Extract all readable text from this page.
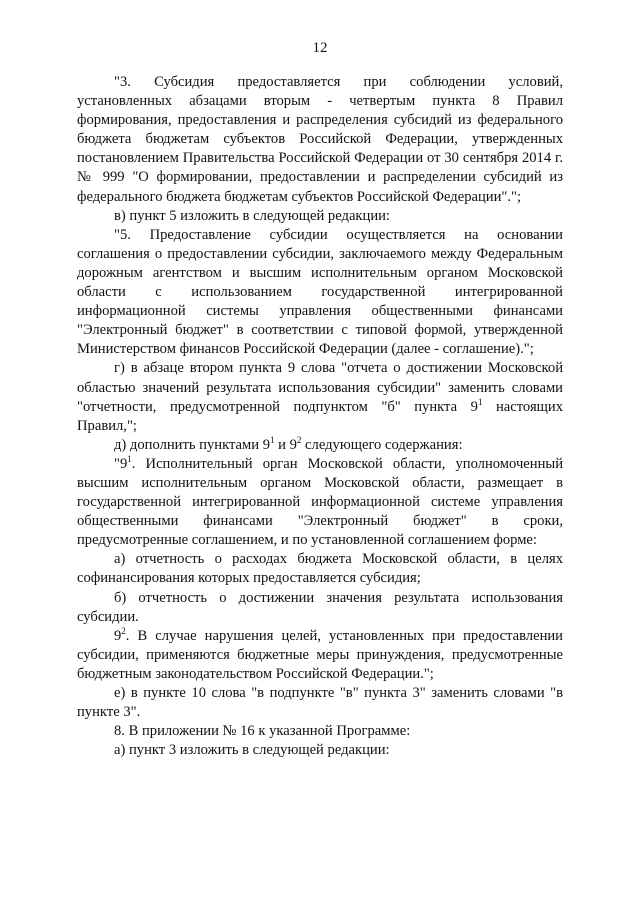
12

"3. Субсидия предоставляется при соблюдении условий, установленных абзацами вторым - четвертым пункта 8 Правил формирования, предоставления и распределения субсидий из федерального бюджета бюджетам субъектов Российской Федерации, утвержденных постановлением Правительства Российской Федерации от 30 сентября 2014 г. № 999 "О формировании, предоставлении и распределении субсидий из федерального бюджета бюджетам субъектов Российской Федерации".";

в) пункт 5 изложить в следующей редакции:

"5. Предоставление субсидии осуществляется на основании соглашения о предоставлении субсидии, заключаемого между Федеральным дорожным агентством и высшим исполнительным органом Московской области с использованием государственной интегрированной информационной системы управления общественными финансами "Электронный бюджет" в соответствии с типовой формой, утвержденной Министерством финансов Российской Федерации (далее - соглашение).";

г) в абзаце втором пункта 9 слова "отчета о достижении Московской областью значений результата использования субсидии" заменить словами "отчетности, предусмотренной подпунктом "б" пункта $9^1$ настоящих Правил,";

д) дополнить пунктами $9^1$ и $9^2$ следующего содержания:

"$9^1$. Исполнительный орган Московской области, уполномоченный высшим исполнительным органом Московской области, размещает в государственной интегрированной информационной системе управления общественными финансами "Электронный бюджет" в сроки, предусмотренные соглашением, и по установленной соглашением форме:

а) отчетность о расходах бюджета Московской области, в целях софинансирования которых предоставляется субсидия;

б) отчетность о достижении значения результата использования субсидии.

$9^2$. В случае нарушения целей, установленных при предоставлении субсидии, применяются бюджетные меры принуждения, предусмотренные бюджетным законодательством Российской Федерации.";

е) в пункте 10 слова "в подпункте "в" пункта 3" заменить словами "в пункте 3".

8. В приложении № 16 к указанной Программе:

а) пункт 3 изложить в следующей редакции:
